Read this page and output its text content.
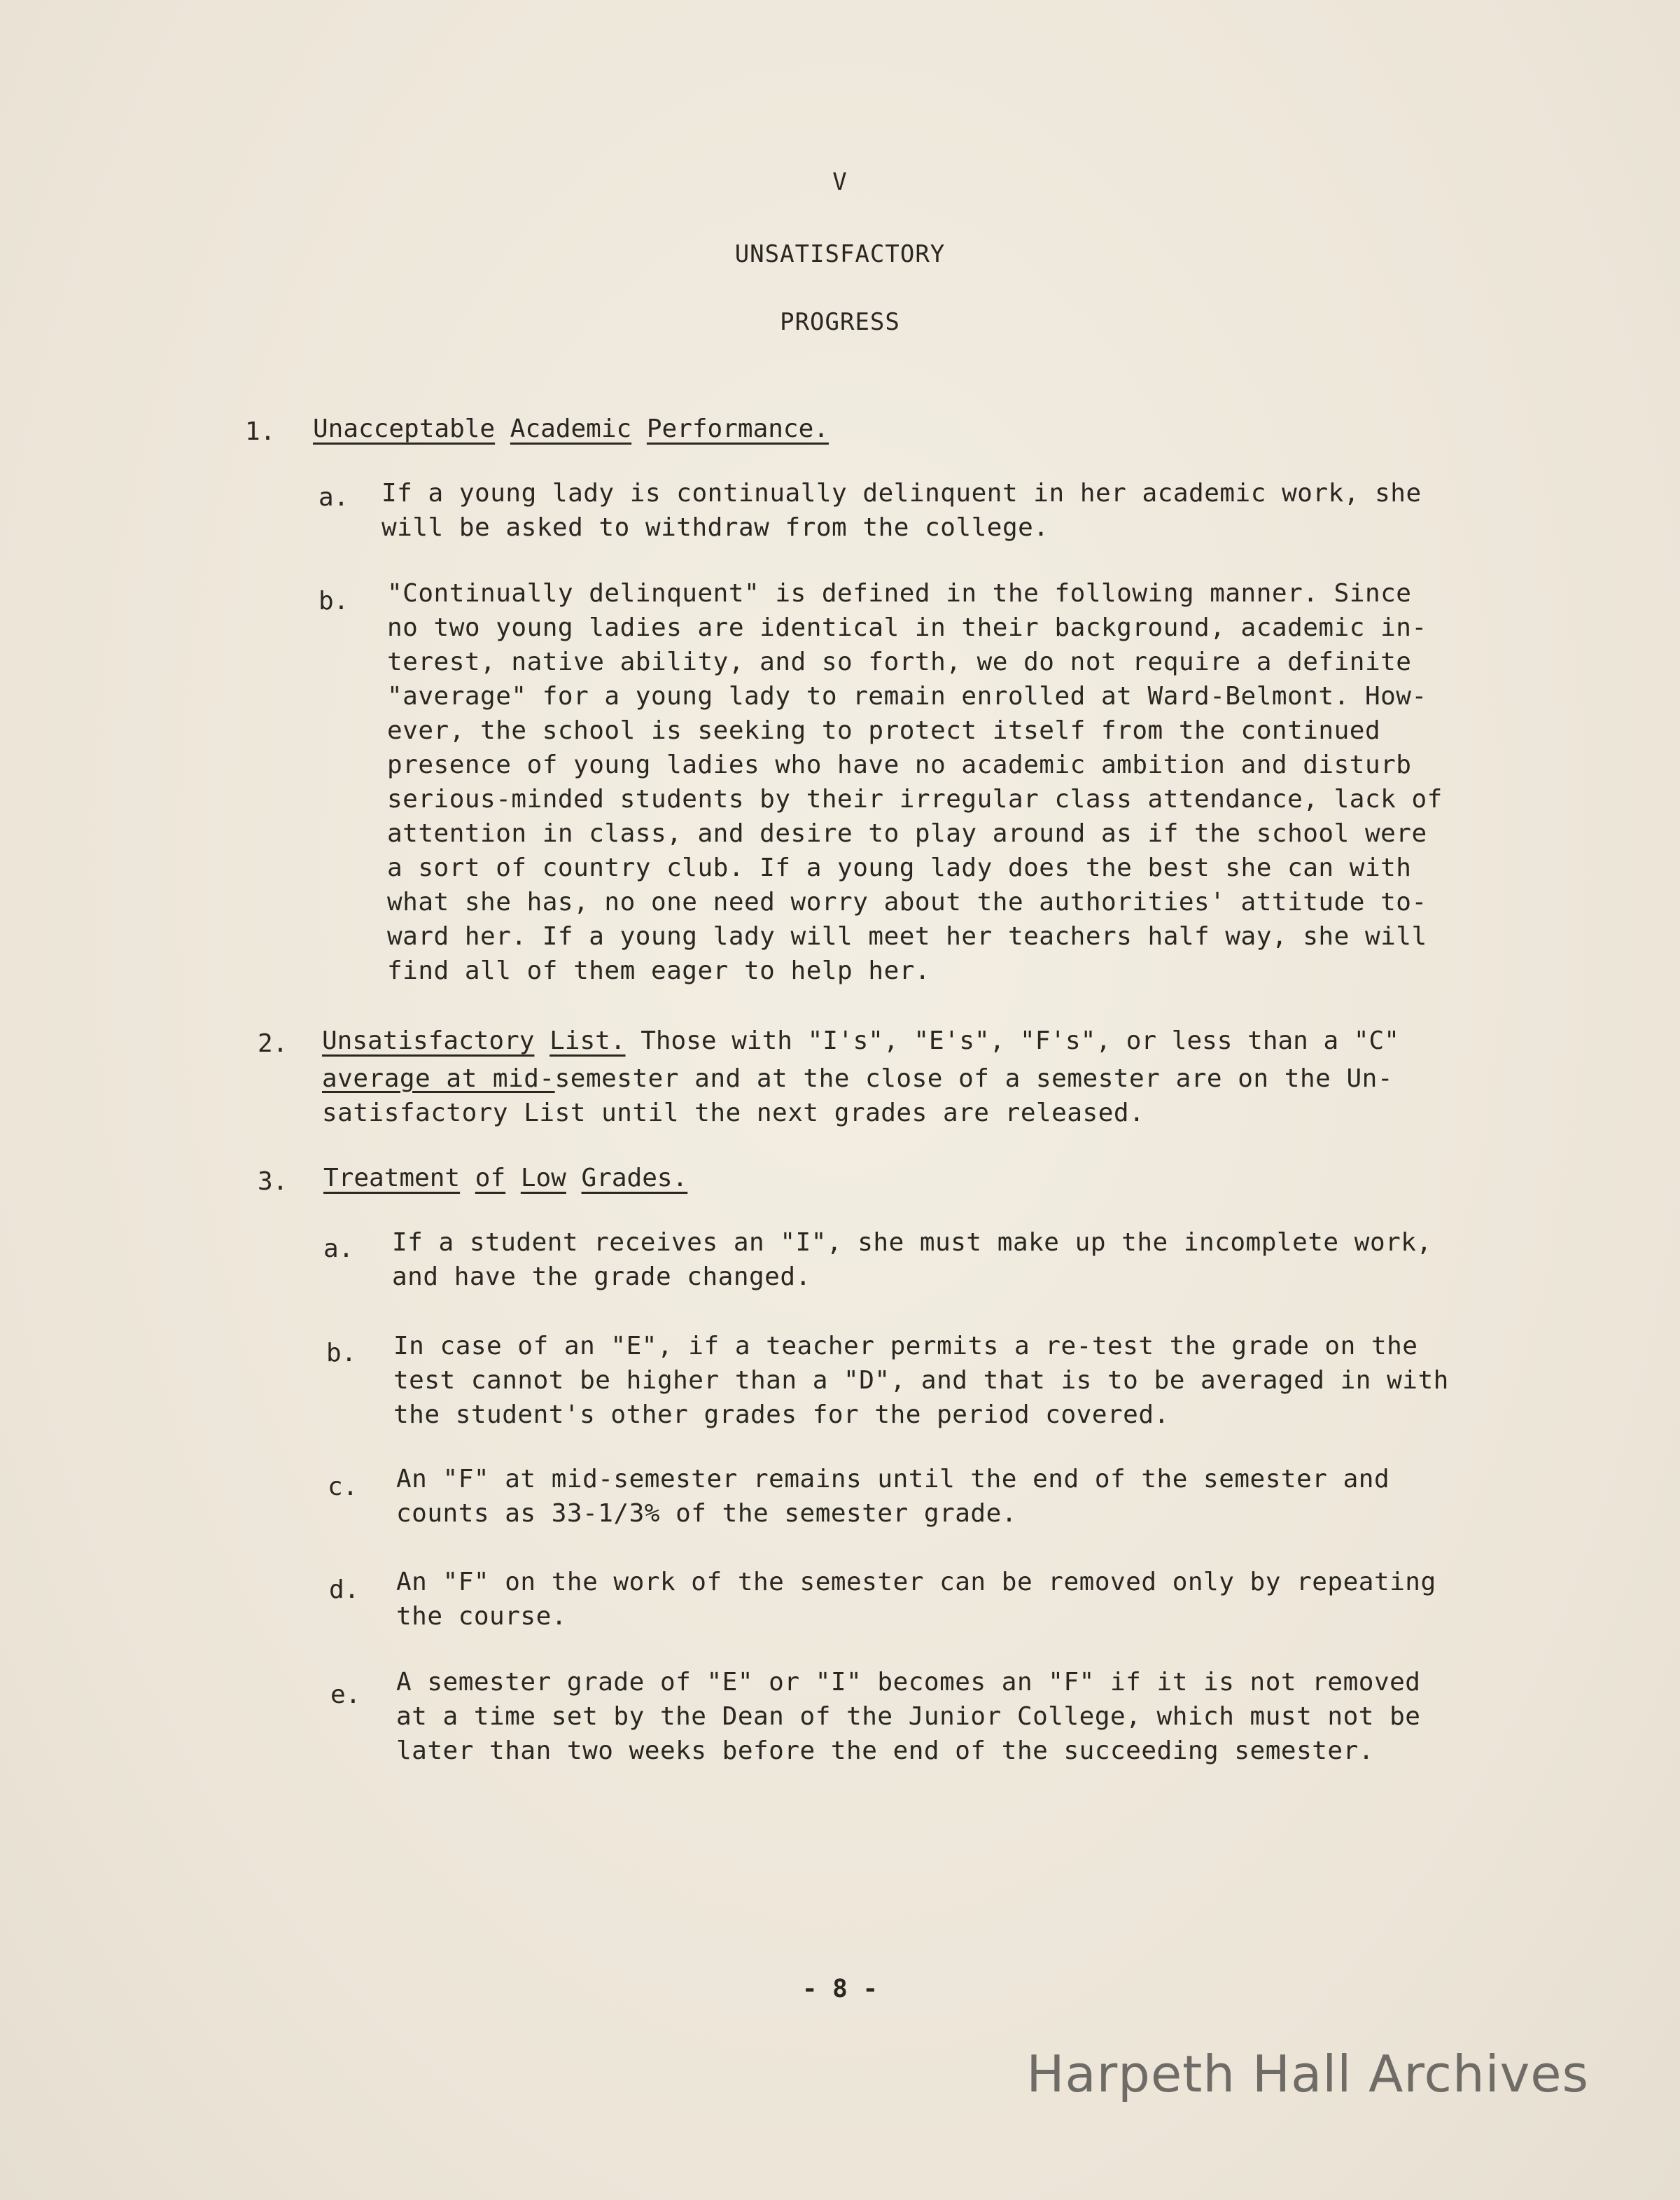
V
UNSATISFACTORY
PROGRESS
1. Unacceptable Academic Performance.
a. If a young lady is continually delinquent in her academic work, she
will be asked to withdraw from the college.
b. "Continually delinquent" is defined in the following manner. Since
no two young ladies are identical in their background, academic in-
terest, native ability, and so forth, we do not require a definite
"average" for a young lady to remain enrolled at Ward-Belmont. How-
ever, the school is seeking to protect itself from the continued
presence of young ladies who have no academic ambition and disturb
serious-minded students by their irregular class attendance, lack of
attention in class, and desire to play around as if the school were
a sort of country club. If a young lady does the best she can with
what she has, no one need worry about the authorities' attitude to-
ward her. If a young lady will meet her teachers half way, she will
find all of them eager to help her.
2. Unsatisfactory List. Those with "I's", "E's", "F's", or less than a "C"
average at mid-semester and at the close of a semester are on the Un-
satisfactory List until the next grades are released.
3. Treatment of Low Grades.
a. If a student receives an "I", she must make up the incomplete work,
and have the grade changed.
b. In case of an "E", if a teacher permits a re-test the grade on the
test cannot be higher than a "D", and that is to be averaged in with
the student's other grades for the period covered.
c. An "F" at mid-semester remains until the end of the semester and
counts as 33-1/3% of the semester grade.
d. An "F" on the work of the semester can be removed only by repeating
the course.
e. A semester grade of "E" or "I" becomes an "F" if it is not removed
at a time set by the Dean of the Junior College, which must not be
later than two weeks before the end of the succeeding semester.
- 8 -
Harpeth Hall Archives
